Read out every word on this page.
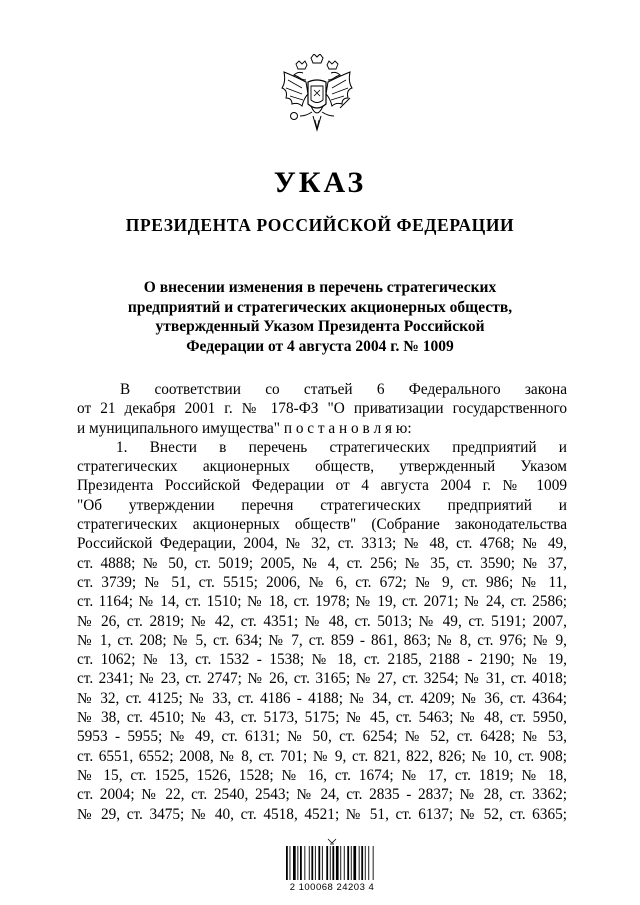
УКАЗ
ПРЕЗИДЕНТА РОССИЙСКОЙ ФЕДЕРАЦИИ
О внесении изменения в перечень стратегических
предприятий и стратегических акционерных обществ,
утвержденный Указом Президента Российской
Федерации от 4 августа 2004 г. № 1009
В соответствии со статьей 6 Федерального закона
от 21 декабря 2001 г. № 178-ФЗ "О приватизации государственного
и муниципального имущества" п о с т а н о в л я ю:
1. Внести в перечень стратегических предприятий и
стратегических акционерных обществ, утвержденный Указом
Президента Российской Федерации от 4 августа 2004 г. № 1009
"Об утверждении перечня стратегических предприятий и
стратегических акционерных обществ" (Собрание законодательства
Российской Федерации, 2004, № 32, ст. 3313; № 48, ст. 4768; № 49,
ст. 4888; № 50, ст. 5019; 2005, № 4, ст. 256; № 35, ст. 3590; № 37,
ст. 3739; № 51, ст. 5515; 2006, № 6, ст. 672; № 9, ст. 986; № 11,
ст. 1164; № 14, ст. 1510; № 18, ст. 1978; № 19, ст. 2071; № 24, ст. 2586;
№ 26, ст. 2819; № 42, ст. 4351; № 48, ст. 5013; № 49, ст. 5191; 2007,
№ 1, ст. 208; № 5, ст. 634; № 7, ст. 859 - 861, 863; № 8, ст. 976; № 9,
ст. 1062; № 13, ст. 1532 - 1538; № 18, ст. 2185, 2188 - 2190; № 19,
ст. 2341; № 23, ст. 2747; № 26, ст. 3165; № 27, ст. 3254; № 31, ст. 4018;
№ 32, ст. 4125; № 33, ст. 4186 - 4188; № 34, ст. 4209; № 36, ст. 4364;
№ 38, ст. 4510; № 43, ст. 5173, 5175; № 45, ст. 5463; № 48, ст. 5950,
5953 - 5955; № 49, ст. 6131; № 50, ст. 6254; № 52, ст. 6428; № 53,
ст. 6551, 6552; 2008, № 8, ст. 701; № 9, ст. 821, 822, 826; № 10, ст. 908;
№ 15, ст. 1525, 1526, 1528; № 16, ст. 1674; № 17, ст. 1819; № 18,
ст. 2004; № 22, ст. 2540, 2543; № 24, ст. 2835 - 2837; № 28, ст. 3362;
№ 29, ст. 3475; № 40, ст. 4518, 4521; № 51, ст. 6137; № 52, ст. 6365;
2 100068 24203 4
